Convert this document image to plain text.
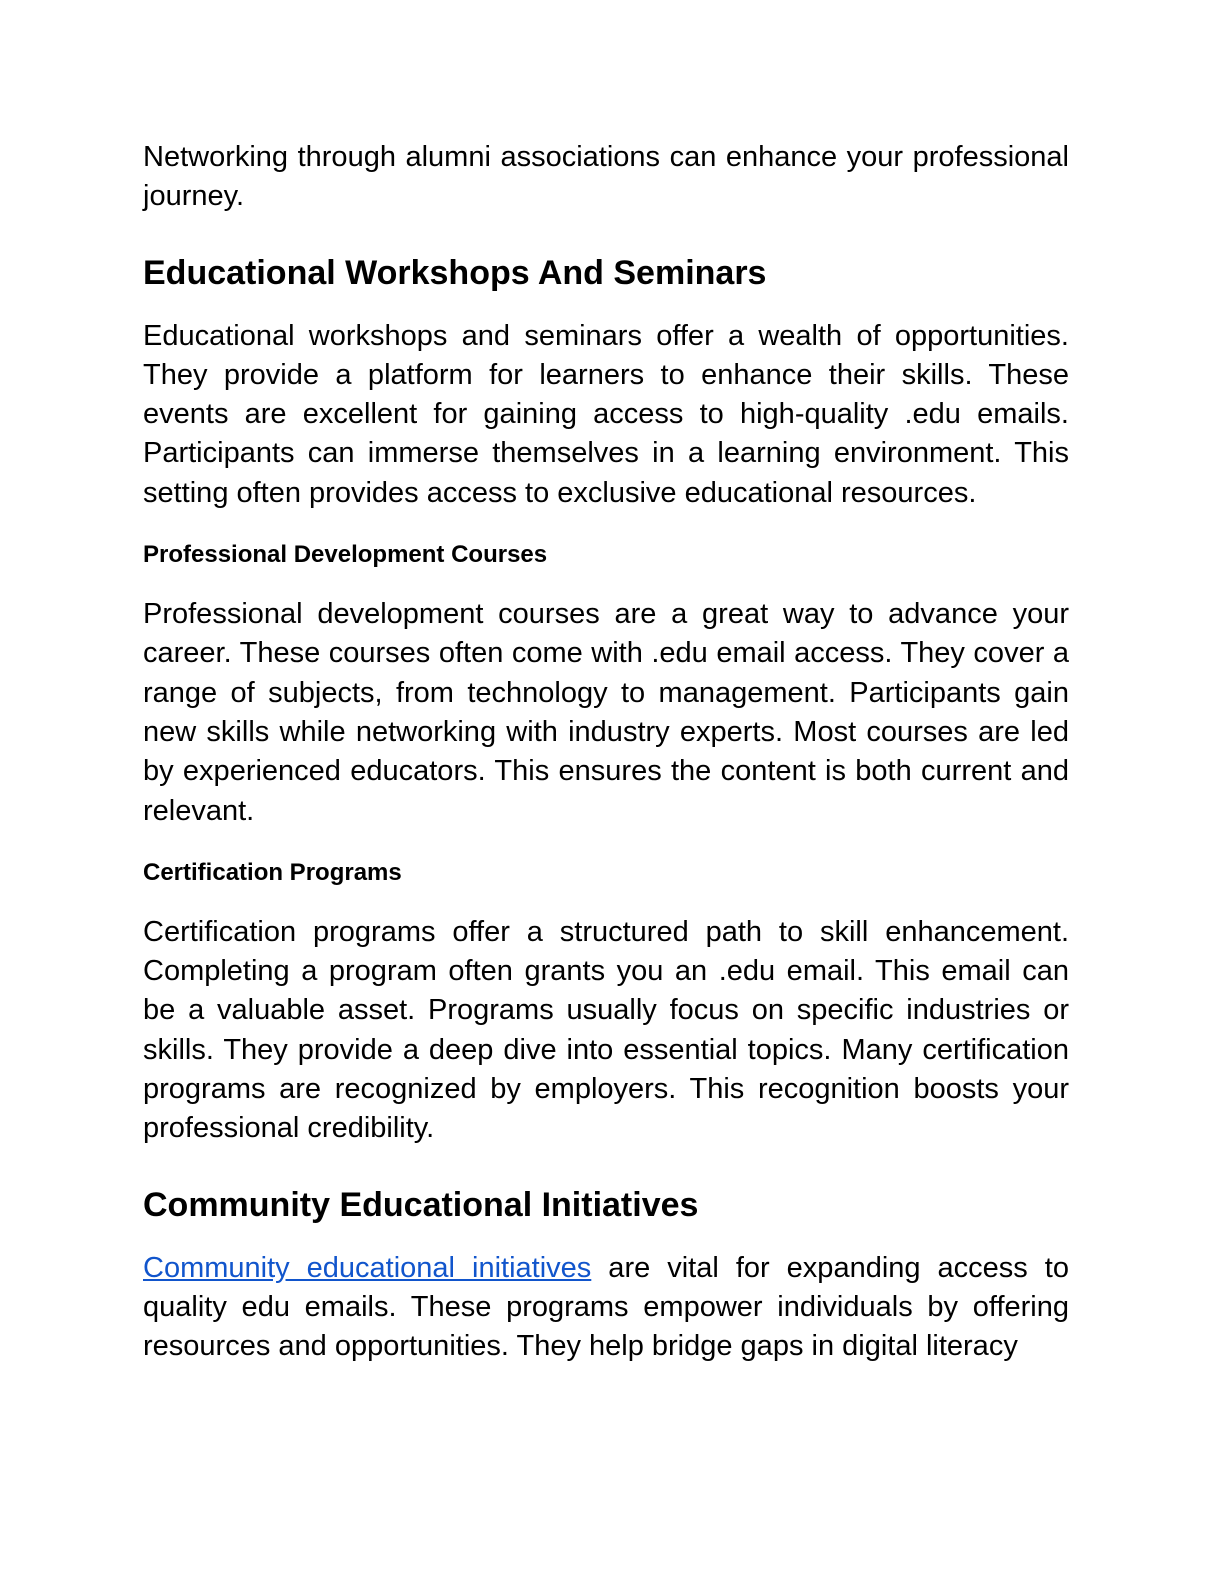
Networking through alumni associations can enhance your professional journey.

Educational Workshops And Seminars

Educational workshops and seminars offer a wealth of opportunities. They provide a platform for learners to enhance their skills. These events are excellent for gaining access to high-quality .edu emails. Participants can immerse themselves in a learning environment. This setting often provides access to exclusive educational resources.

Professional Development Courses

Professional development courses are a great way to advance your career. These courses often come with .edu email access. They cover a range of subjects, from technology to management. Participants gain new skills while networking with industry experts. Most courses are led by experienced educators. This ensures the content is both current and relevant.

Certification Programs

Certification programs offer a structured path to skill enhancement. Completing a program often grants you an .edu email. This email can be a valuable asset. Programs usually focus on specific industries or skills. They provide a deep dive into essential topics. Many certification programs are recognized by employers. This recognition boosts your professional credibility.

Community Educational Initiatives

Community educational initiatives are vital for expanding access to quality edu emails. These programs empower individuals by offering resources and opportunities. They help bridge gaps in digital literacy
